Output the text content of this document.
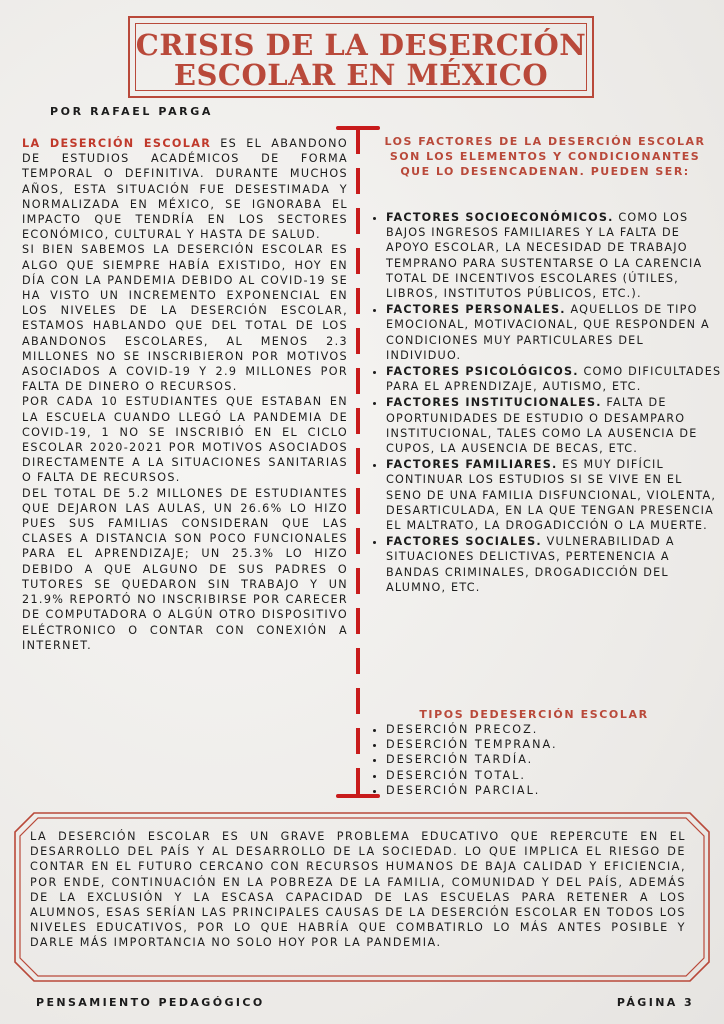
CRISIS DE LA DESERCIÓN
ESCOLAR EN MÉXICO
POR RAFAEL PARGA

LA DESERCIÓN ESCOLAR ES EL ABANDONO DE ESTUDIOS ACADÉMICOS DE FORMA TEMPORAL O DEFINITIVA. DURANTE MUCHOS AÑOS, ESTA SITUACIÓN FUE DESESTIMADA Y NORMALIZADA EN MÉXICO, SE IGNORABA EL IMPACTO QUE TENDRÍA EN LOS SECTORES ECONÓMICO, CULTURAL Y HASTA DE SALUD.

SI BIEN SABEMOS LA DESERCIÓN ESCOLAR ES ALGO QUE SIEMPRE HABÍA EXISTIDO, HOY EN DÍA CON LA PANDEMIA DEBIDO AL COVID-19 SE HA VISTO UN INCREMENTO EXPONENCIAL EN LOS NIVELES DE LA DESERCIÓN ESCOLAR, ESTAMOS HABLANDO QUE DEL TOTAL DE LOS ABANDONOS ESCOLARES, AL MENOS 2.3 MILLONES NO SE INSCRIBIERON POR MOTIVOS ASOCIADOS A COVID-19 Y 2.9 MILLONES POR FALTA DE DINERO O RECURSOS.

POR CADA 10 ESTUDIANTES QUE ESTABAN EN LA ESCUELA CUANDO LLEGÓ LA PANDEMIA DE COVID-19, 1 NO SE INSCRIBIÓ EN EL CICLO ESCOLAR 2020-2021 POR MOTIVOS ASOCIADOS DIRECTAMENTE A LA SITUACIONES SANITARIAS O FALTA DE RECURSOS.

DEL TOTAL DE 5.2 MILLONES DE ESTUDIANTES QUE DEJARON LAS AULAS, UN 26.6% LO HIZO PUES SUS FAMILIAS CONSIDERAN QUE LAS CLASES A DISTANCIA SON POCO FUNCIONALES PARA EL APRENDIZAJE; UN 25.3% LO HIZO DEBIDO A QUE ALGUNO DE SUS PADRES O TUTORES SE QUEDARON SIN TRABAJO Y UN 21.9% REPORTÓ NO INSCRIBIRSE POR CARECER DE COMPUTADORA O ALGÚN OTRO DISPOSITIVO ELÉCTRONICO O CONTAR CON CONEXIÓN A INTERNET.

LOS FACTORES DE LA DESERCIÓN ESCOLAR SON LOS ELEMENTOS Y CONDICIONANTES QUE LO DESENCADENAN. PUEDEN SER:
• FACTORES SOCIOECONÓMICOS. COMO LOS BAJOS INGRESOS FAMILIARES Y LA FALTA DE APOYO ESCOLAR, LA NECESIDAD DE TRABAJO TEMPRANO PARA SUSTENTARSE O LA CARENCIA TOTAL DE INCENTIVOS ESCOLARES (ÚTILES, LIBROS, INSTITUTOS PÚBLICOS, ETC.).
• FACTORES PERSONALES. AQUELLOS DE TIPO EMOCIONAL, MOTIVACIONAL, QUE RESPONDEN A CONDICIONES MUY PARTICULARES DEL INDIVIDUO.
• FACTORES PSICOLÓGICOS. COMO DIFICULTADES PARA EL APRENDIZAJE, AUTISMO, ETC.
• FACTORES INSTITUCIONALES. FALTA DE OPORTUNIDADES DE ESTUDIO O DESAMPARO INSTITUCIONAL, TALES COMO LA AUSENCIA DE CUPOS, LA AUSENCIA DE BECAS, ETC.
• FACTORES FAMILIARES. ES MUY DIFÍCIL CONTINUAR LOS ESTUDIOS SI SE VIVE EN EL SENO DE UNA FAMILIA DISFUNCIONAL, VIOLENTA, DESARTICULADA, EN LA QUE TENGAN PRESENCIA EL MALTRATO, LA DROGADICCIÓN O LA MUERTE.
• FACTORES SOCIALES. VULNERABILIDAD A SITUACIONES DELICTIVAS, PERTENENCIA A BANDAS CRIMINALES, DROGADICCIÓN DEL ALUMNO, ETC.
TIPOS DEDESERCIÓN ESCOLAR
• DESERCIÓN PRECOZ.
• DESERCIÓN TEMPRANA.
• DESERCIÓN TARDÍA.
• DESERCIÓN TOTAL.
• DESERCIÓN PARCIAL.
LA DESERCIÓN ESCOLAR ES UN GRAVE PROBLEMA EDUCATIVO QUE REPERCUTE EN EL DESARROLLO DEL PAÍS Y AL DESARROLLO DE LA SOCIEDAD. LO QUE IMPLICA EL RIESGO DE CONTAR EN EL FUTURO CERCANO CON RECURSOS HUMANOS DE BAJA CALIDAD Y EFICIENCIA, POR ENDE, CONTINUACIÓN EN LA POBREZA DE LA FAMILIA, COMUNIDAD Y DEL PAÍS, ADEMÁS DE LA EXCLUSIÓN Y LA ESCASA CAPACIDAD DE LAS ESCUELAS PARA RETENER A LOS ALUMNOS, ESAS SERÍAN LAS PRINCIPALES CAUSAS DE LA DESERCIÓN ESCOLAR EN TODOS LOS NIVELES EDUCATIVOS, POR LO QUE HABRÍA QUE COMBATIRLO LO MÁS ANTES POSIBLE Y DARLE MÁS IMPORTANCIA NO SOLO HOY POR LA PANDEMIA.
PENSAMIENTO PEDAGÓGICO	PÁGINA 3
